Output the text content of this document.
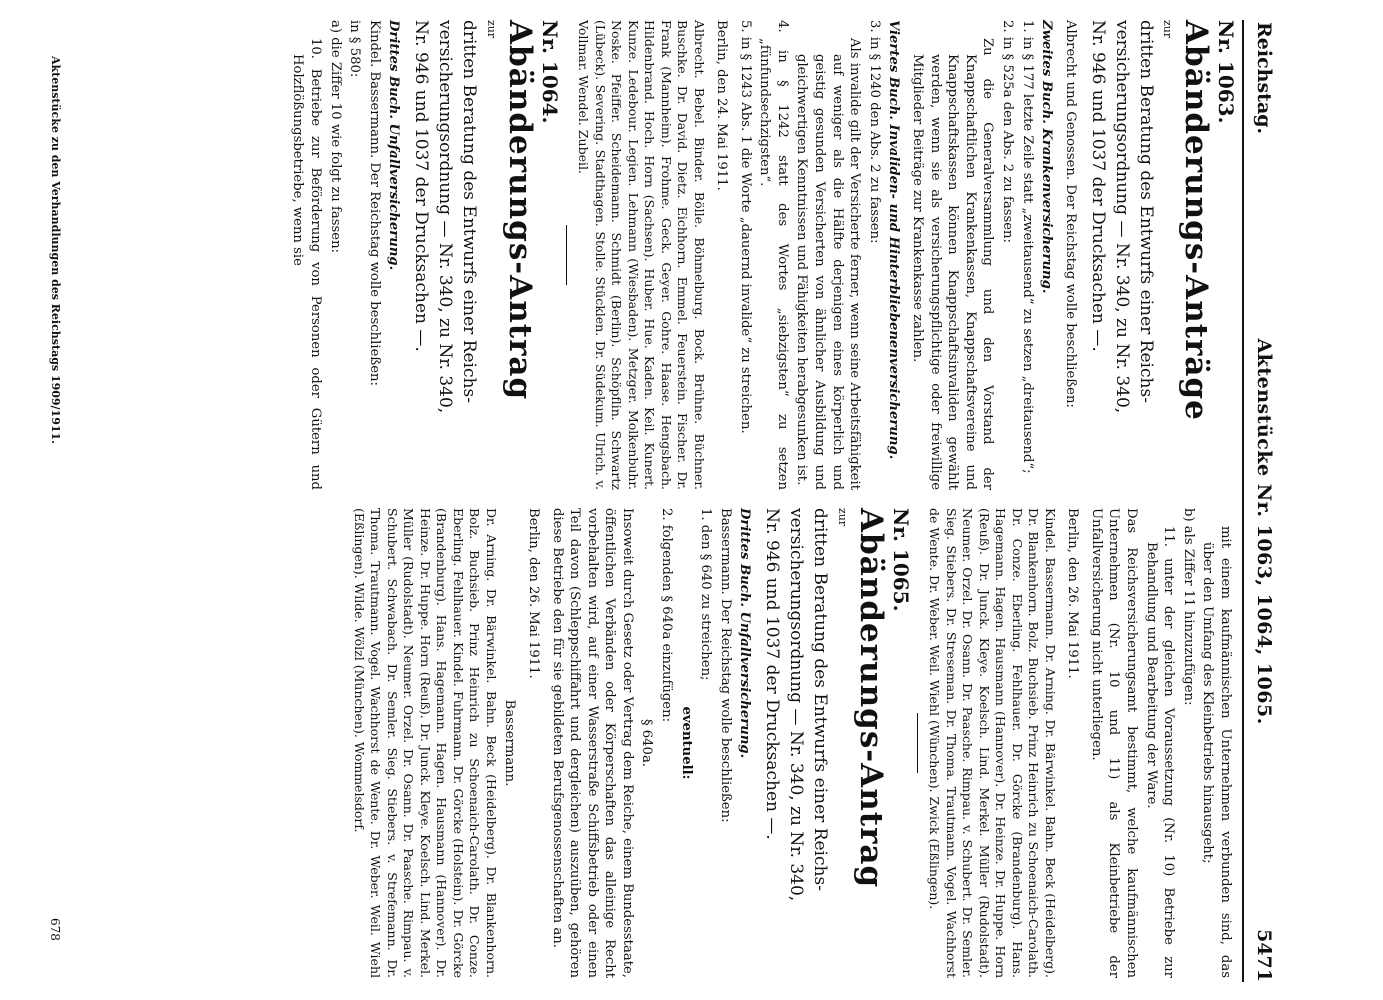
Reichstag.
Aktenstücke Nr. 1063, 1064, 1065.
5471

Nr. 1063.

Abänderungs-Anträge

zur

dritten Beratung des Entwurfs einer Reichs-

versicherungsordnung — Nr. 340, zu Nr. 340,

Nr. 946 und 1037 der Drucksachen —.

Albrecht und Genossen. Der Reichstag wolle beschließen:

Zweites Buch. Krankenversicherung.

1. in § 177 letzte Zeile statt „zweitausend“ zu setzen „dreitausend“;

2. in § 525a den Abs. 2 zu fassen:

Zu die Generalversammlung und den Vorstand der Knappschaftlichen Krankenkassen, Knappschaftsvereine und Knappschaftskassen können Knappschaftsinvaliden gewählt werden, wenn sie als versicherungspflichtige oder freiwillige Mitglieder Beiträge zur Krankenkasse zahlen.

Viertes Buch. Invaliden- und Hinterbliebenenversicherung.

3. in § 1240 den Abs. 2 zu fassen:

Als invalide gilt der Versicherte ferner, wenn seine Arbeitsfähigkeit auf weniger als die Hälfte derjenigen eines körperlich und geistig gesunden Versicherten von ähnlicher Ausbildung und gleichwertigen Kenntnissen und Fähigkeiten herabgesunken ist.

4. in § 1242 statt des Wortes „siebzigsten“ zu setzen „fünfundsechzigsten“.

5. in § 1243 Abs. 1 die Worte „dauernd invalide“ zu streichen.

Berlin, den 24. Mai 1911.

Albrecht. Bebel. Binder. Bölle. Böhmelburg. Bock. Brühne. Büchner. Buschke. Dr. David. Dietz. Eichhorn. Emmel. Feuerstein. Fischer. Dr. Frank (Mannheim). Frohme. Geck. Geyer. Gohre. Haase. Hengsbach. Hildenbrand. Hoch. Horn (Sachsen). Huber. Hue. Kaden. Keil. Kunert. Kunze. Ledebour. Legien. Lehmann (Wiesbaden). Metzger. Molkenbuhr. Noske. Pfeiffer. Scheidemann. Schmidt (Berlin). Schöpflin. Schwartz (Lübeck). Severing. Stadthagen. Stolle. Stücklen. Dr. Südekum. Ulrich. v. Vollmar. Wendel. Zubeil.

Nr. 1064.

Abänderungs-Antrag

zur

dritten Beratung des Entwurfs einer Reichs-

versicherungsordnung — Nr. 340, zu Nr. 340,

Nr. 946 und 1037 der Drucksachen —.

Drittes Buch. Unfallversicherung.

Kindel. Bassermann. Der Reichstag wolle beschließen:

in § 580:

a) die Ziffer 10 wie folgt zu fassen:

10. Betriebe zur Beförderung von Personen oder Gütern und Holzflößungsbetriebe, wenn sie

mit einem kaufmännischen Unternehmen verbunden sind, das über den Umfang des Kleinbetriebs hinausgeht;

b) als Ziffer 11 hinzuzufügen:

11. unter der gleichen Voraussetzung (Nr. 10) Betriebe zur Behandlung und Bearbeitung der Ware.

Das Reichsversicherungsamt bestimmt, welche kaufmännischen Unternehmen (Nr. 10 und 11) als Kleinbetriebe der Unfallversicherung nicht unterliegen.

Berlin, den 26. Mai 1911.

Kindel. Bassermann. Dr. Arning. Dr. Bärwinkel. Bahn. Beck (Heidelberg). Dr. Blankenhorn. Bolz. Buchsieb. Prinz Heinrich zu Schoenaich-Carolath. Dr. Conze. Eberling. Fehlhauer. Dr. Görcke (Brandenburg). Hans. Hagemann. Hagen. Hausmann (Hannover). Dr. Heinze. Dr. Huppe. Horn (Reuß). Dr. Junck. Kleye. Koelsch. Lind. Merkel. Müller (Rudolstadt). Neumer. Orzel. Dr. Osann. Dr. Paasche. Rimpau. v. Schubert. Dr. Semler. Sieg. Stiebers. Dr. Streseman. Dr. Thoma. Trautmann. Vogel. Wachhorst de Wente. Dr. Weber. Weil. Wiehl (Wünchen). Zwick (Eßlingen).

Nr. 1065.

Abänderungs-Antrag

zur

dritten Beratung des Entwurfs einer Reichs-

versicherungsordnung — Nr. 340, zu Nr. 340,

Nr. 946 und 1037 der Drucksachen —.

Drittes Buch. Unfallversicherung.

Bassermann. Der Reichstag wolle beschließen:

1. den § 640 zu streichen;

eventuell:

2. folgenden § 640a einzufügen:

§ 640a.

Insoweit durch Gesetz oder Vertrag dem Reiche, einem Bundesstaate, öffentlichen Verbänden oder Körperschaften das alleinige Recht vorbehalten wird, auf einer Wasserstraße Schiffsbetrieb oder einen Teil davon (Schleppschiffahrt und dergleichen) auszuüben, gehören diese Betriebe den für sie gebildeten Berufsgenossenschaften an.

Berlin, den 26. Mai 1911.

Bassermann.

Dr. Arning. Dr. Bärwinkel. Bahn. Beck (Heidelberg). Dr. Blankenhorn. Bolz. Buchsieb. Prinz Heinrich zu Schoenaich-Carolath. Dr. Conze. Eberling. Fehlhauer. Kindel. Fuhrmann. Dr. Görcke (Holstein). Dr. Görcke (Brandenburg). Hans. Hagemann. Hagen. Hausmann (Hannover). Dr. Heinze. Dr. Huppe. Horn (Reuß). Dr. Junck. Kleye. Koelsch. Lind. Merkel. Müller (Rudolstadt). Neumer. Orzel. Dr. Osann. Dr. Paasche. Rimpau. v. Schubert. Schwabach. Dr. Semler. Sieg. Stiebers. v. Strefemann. Dr. Thoma. Trautmann. Vogel. Wachhorst de Wente. Dr. Weber. Weil. Wiehl (Eßlingen). Wilde. Wölzl (München). Wommelsdorf.

Aktenstücke zu den Verhandlungen des Reichstags 1909/1911.
678
